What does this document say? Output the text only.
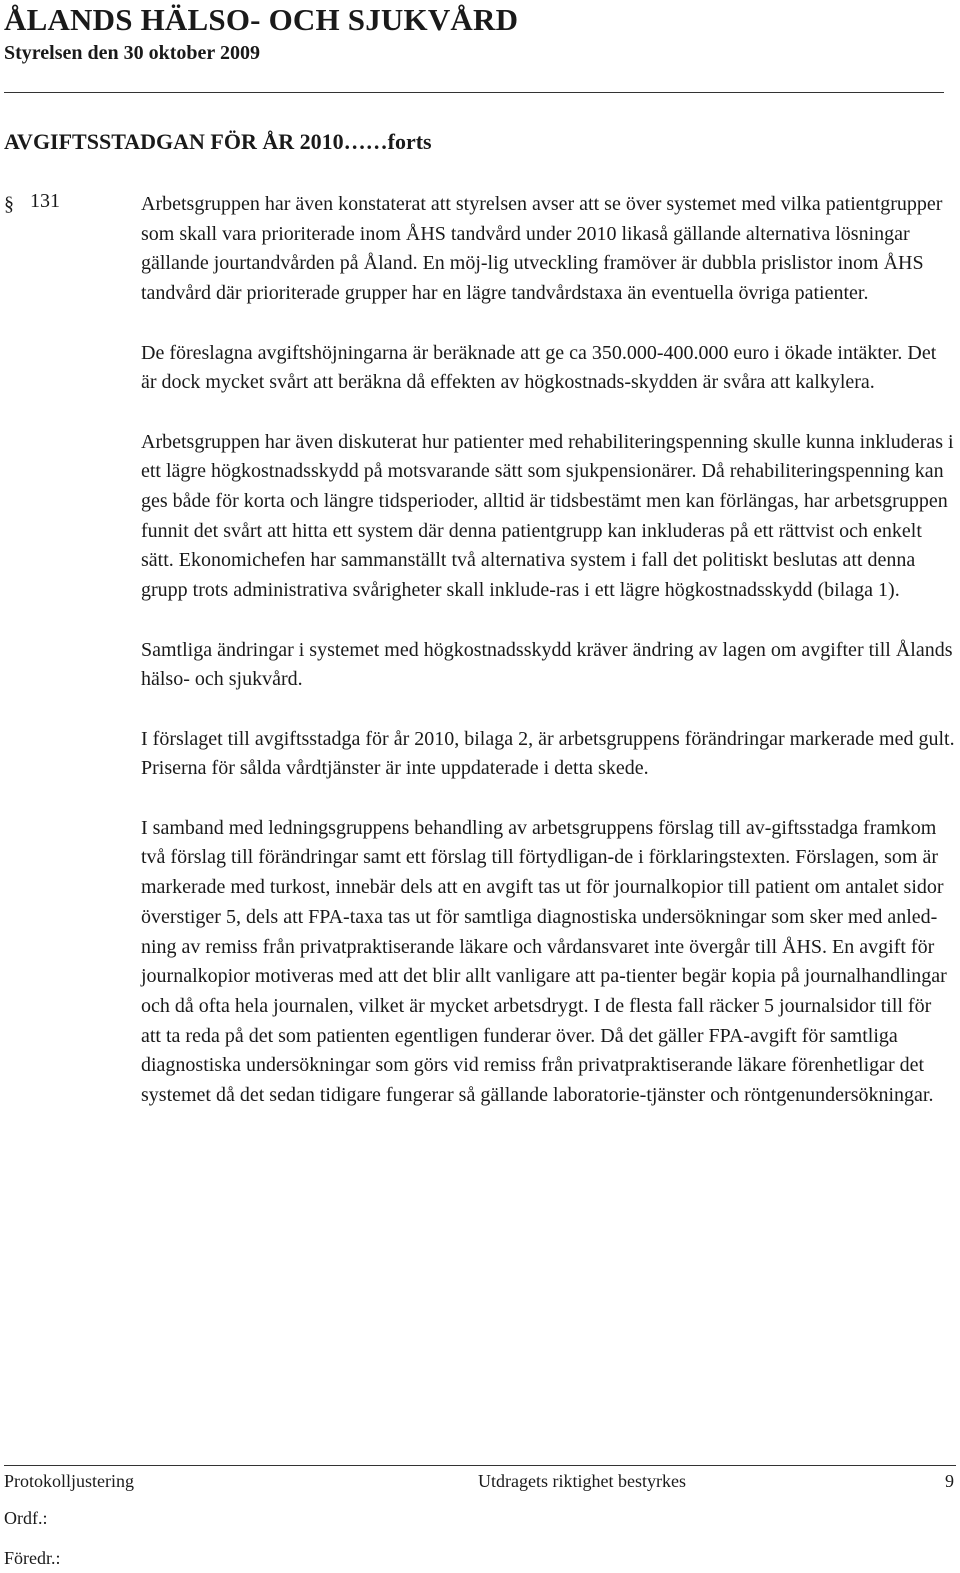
ÅLANDS HÄLSO- OCH SJUKVÅRD
Styrelsen den 30 oktober 2009
AVGIFTSSTADGAN FÖR ÅR 2010……forts
§ 131	Arbetsgruppen har även konstaterat att styrelsen avser att se över systemet med vilka patientgrupper som skall vara prioriterade inom ÅHS tandvård under 2010 likaså gällande alternativa lösningar gällande jourtandvården på Åland. En möj-lig utveckling framöver är dubbla prislistor inom ÅHS tandvård där prioriterade grupper har en lägre tandvårdstaxa än eventuella övriga patienter.

De föreslagna avgiftshöjningarna är beräknade att ge ca 350.000-400.000 euro i ökade intäkter. Det är dock mycket svårt att beräkna då effekten av högkostnads-skydden är svåra att kalkylera.

Arbetsgruppen har även diskuterat hur patienter med rehabiliteringspenning skulle kunna inkluderas i ett lägre högkostnadsskydd på motsvarande sätt som sjukpensionärer. Då rehabiliteringspenning kan ges både för korta och längre tidsperioder, alltid är tidsbestämt men kan förlängas, har arbetsgruppen funnit det svårt att hitta ett system där denna patientgrupp kan inkluderas på ett rättvist och enkelt sätt. Ekonomichefen har sammanställt två alternativa system i fall det politiskt beslutas att denna grupp trots administrativa svårigheter skall inklude-ras i ett lägre högkostnadsskydd (bilaga 1).

Samtliga ändringar i systemet med högkostnadsskydd kräver ändring av lagen om avgifter till Ålands hälso- och sjukvård.

I förslaget till avgiftsstadga för år 2010, bilaga 2, är arbetsgruppens förändringar markerade med gult. Priserna för sålda vårdtjänster är inte uppdaterade i detta skede.

I samband med ledningsgruppens behandling av arbetsgruppens förslag till av-giftsstadga framkom två förslag till förändringar samt ett förslag till förtydligan-de i förklaringstexten. Förslagen, som är markerade med turkost, innebär dels att en avgift tas ut för journalkopior till patient om antalet sidor överstiger 5, dels att FPA-taxa tas ut för samtliga diagnostiska undersökningar som sker med anled-ning av remiss från privatpraktiserande läkare och vårdansvaret inte övergår till ÅHS. En avgift för journalkopior motiveras med att det blir allt vanligare att pa-tienter begär kopia på journalhandlingar och då ofta hela journalen, vilket är mycket arbetsdrygt. I de flesta fall räcker 5 journalsidor till för att ta reda på det som patienten egentligen funderar över. Då det gäller FPA-avgift för samtliga diagnostiska undersökningar som görs vid remiss från privatpraktiserande läkare förenhetligar det systemet då det sedan tidigare fungerar så gällande laboratorie-tjänster och röntgenundersökningar.

Protokolljustering	Utdragets riktighet bestyrkes	9
Ordf.:
Föredr.:
